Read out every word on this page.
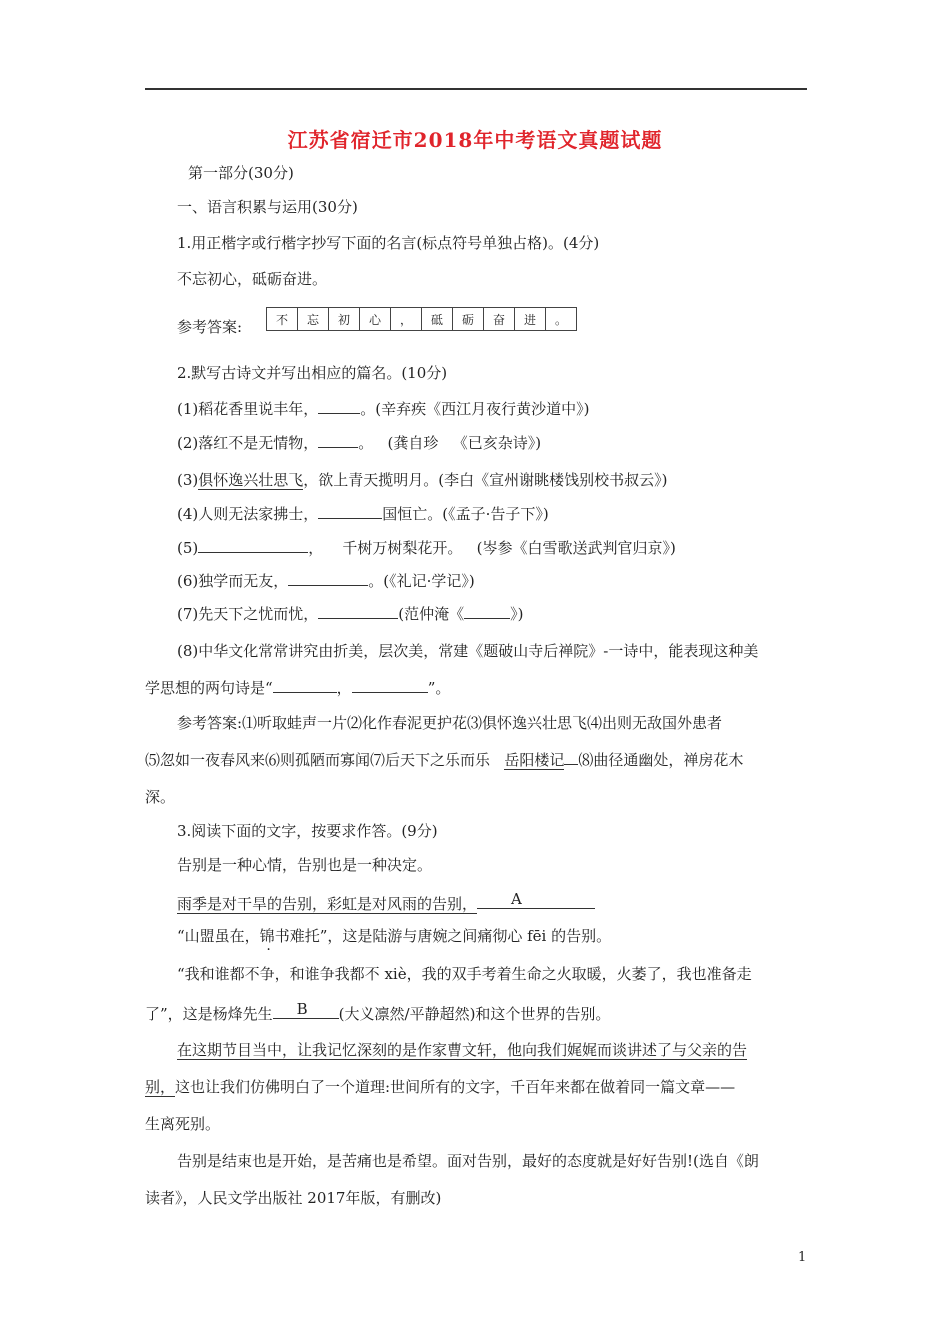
江苏省宿迁市2018年中考语文真题试题
第一部分(30分)
一、语言积累与运用(30分)
1.用正楷字或行楷字抄写下面的名言(标点符号单独占格)。(4分)
不忘初心，砥砺奋进。
参考答案:	不	忘	初	心	，	砥	砺	奋	进	。
2.默写古诗文并写出相应的篇名。(10分)
(1)稻花香里说丰年，	。(辛弃疾《西江月夜行黄沙道中》)
(2)落红不是无情物，	。   (龚自珍   《已亥杂诗》)
(3)俱怀逸兴壮思飞，欲上青天揽明月。(李白《宣州谢眺楼饯别校书叔云》)
(4)人则无法家拂士，	国恒亡。(《孟子·告子下》)
(5)	，    千树万树梨花开。   (岑参《白雪歌送武判官归京》)
(6)独学而无友，	。(《礼记·学记》)
(7)先天下之忧而忧，	(范仲淹《	》)
(8)中华文化常常讲究由折美，层次美，常建《题破山寺后禅院》-一诗中，能表现这种美
学思想的两句诗是“	，	”。
参考答案:⑴听取蛙声一片⑵化作春泥更护花⑶俱怀逸兴壮思飞⑷出则无敌国外患者
⑸忽如一夜春风来⑹则孤陋而寡闻⑺后天下之乐而乐   岳阳楼记 ⑻曲径通幽处，禅房花木
深。
3.阅读下面的文字，按要求作答。(9分)
告别是一种心情，告别也是一种决定。
雨季是对干旱的告别，彩虹是对风雨的告别， A
“山盟虽在，锦书难托”，这是陆游与唐婉之间痛彻心 fēi 的告别。
“我和谁都不争，和谁争我都不 xiè，我的双手考着生命之火取暖，火萎了，我也准备走
了”，这是杨烽先生 B (大义凛然/平静超然)和这个世界的告别。
在这期节目当中，让我记忆深刻的是作家曹文轩，他向我们娓娓而谈讲述了与父亲的告
别，这也让我们仿佛明白了一个道理:世间所有的文字，千百年来都在做着同一篇文章——
生离死别。
告别是结束也是开始，是苦痛也是希望。面对告别，最好的态度就是好好告别!(选自《朗
读者》，人民文学出版社 2017年版，有删改)
1
